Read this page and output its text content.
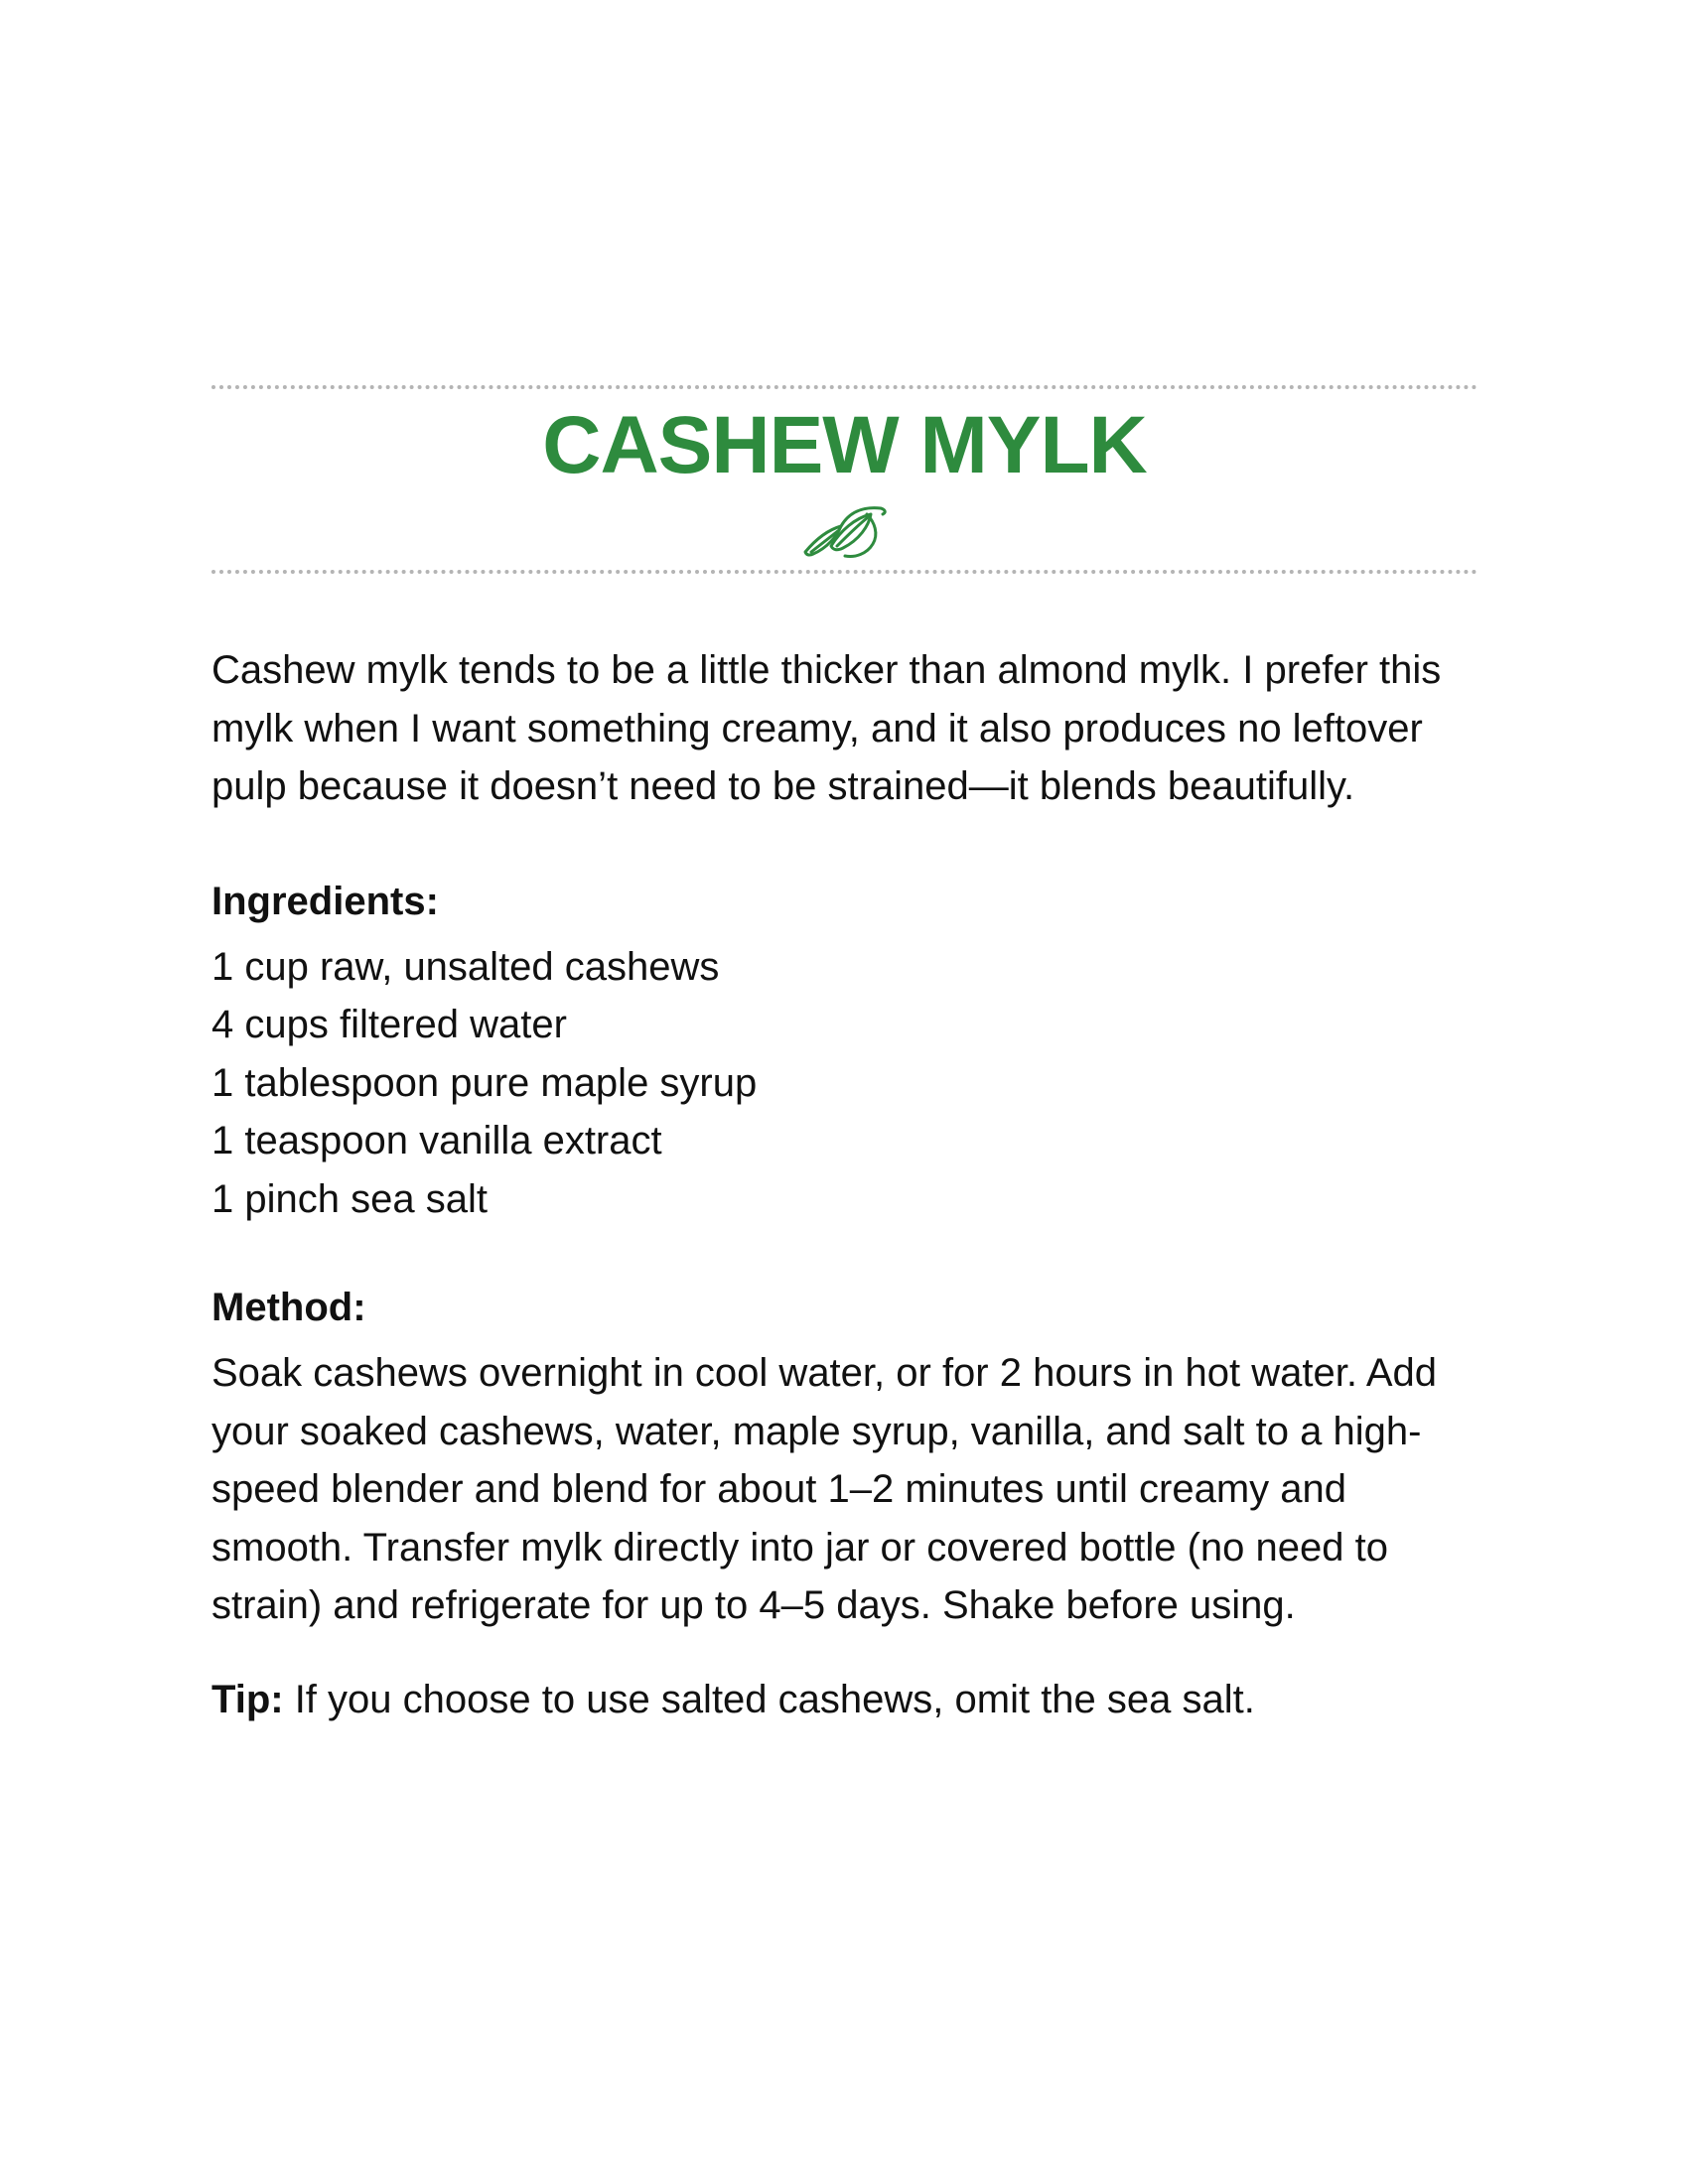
CASHEW MYLK

Cashew mylk tends to be a little thicker than almond mylk. I prefer this mylk when I want something creamy, and it also produces no leftover pulp because it doesn’t need to be strained—it blends beautifully.

Ingredients:
1 cup raw, unsalted cashews
4 cups filtered water
1 tablespoon pure maple syrup
1 teaspoon vanilla extract
1 pinch sea salt
Method:

Soak cashews overnight in cool water, or for 2 hours in hot water. Add your soaked cashews, water, maple syrup, vanilla, and salt to a high-speed blender and blend for about 1–2 minutes until creamy and smooth. Transfer mylk directly into jar or covered bottle (no need to strain) and refrigerate for up to 4–5 days. Shake before using.

Tip: If you choose to use salted cashews, omit the sea salt.
